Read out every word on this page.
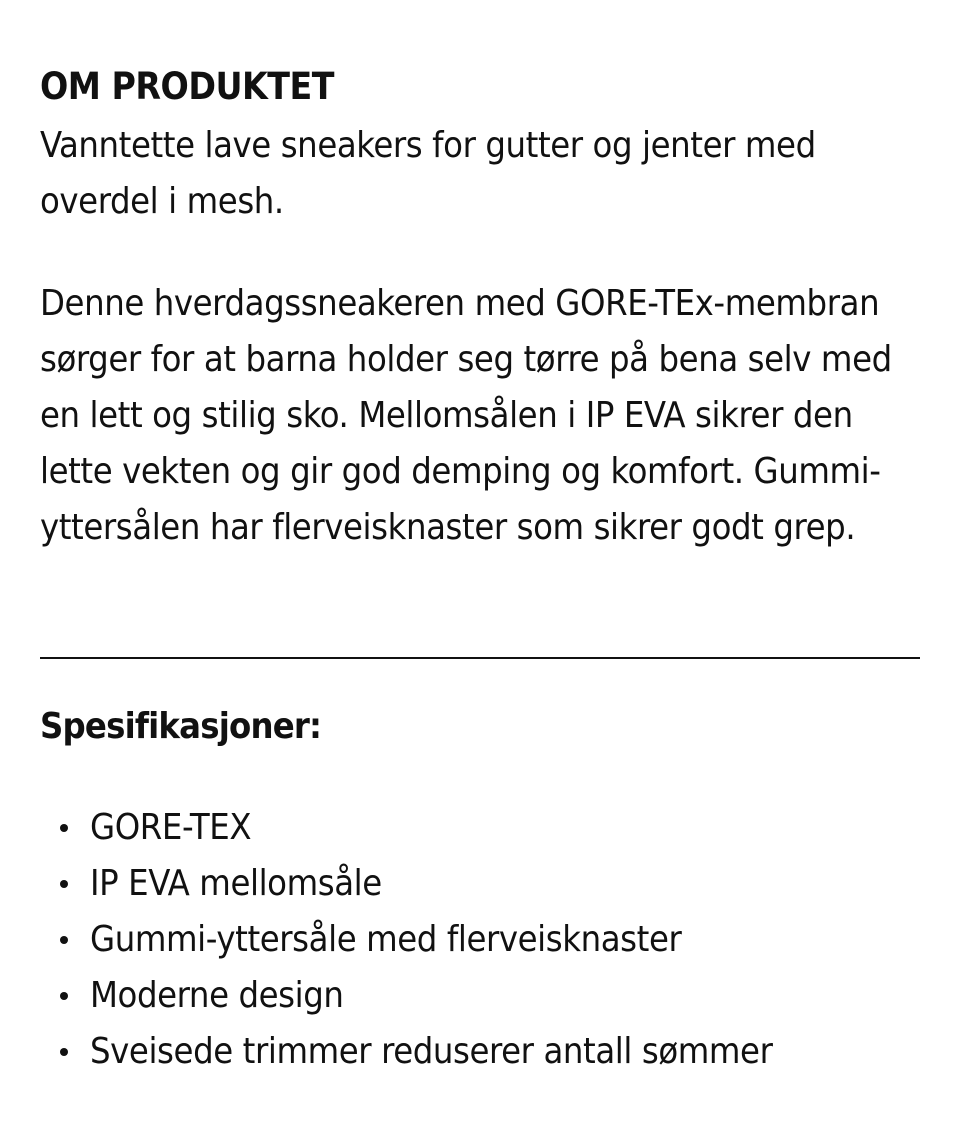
OM PRODUKTET

Vanntette lave sneakers for gutter og jenter med overdel i mesh.

Denne hverdagssneakeren med GORE-TEx-membran sørger for at barna holder seg tørre på bena selv med en lett og stilig sko. Mellomsålen i IP EVA sikrer den lette vekten og gir god demping og komfort. Gummi-yttersålen har flerveisknaster som sikrer godt grep.

Spesifikasjoner:
GORE-TEX
IP EVA mellomsåle
Gummi-yttersåle med flerveisknaster
Moderne design
Sveisede trimmer reduserer antall sømmer
